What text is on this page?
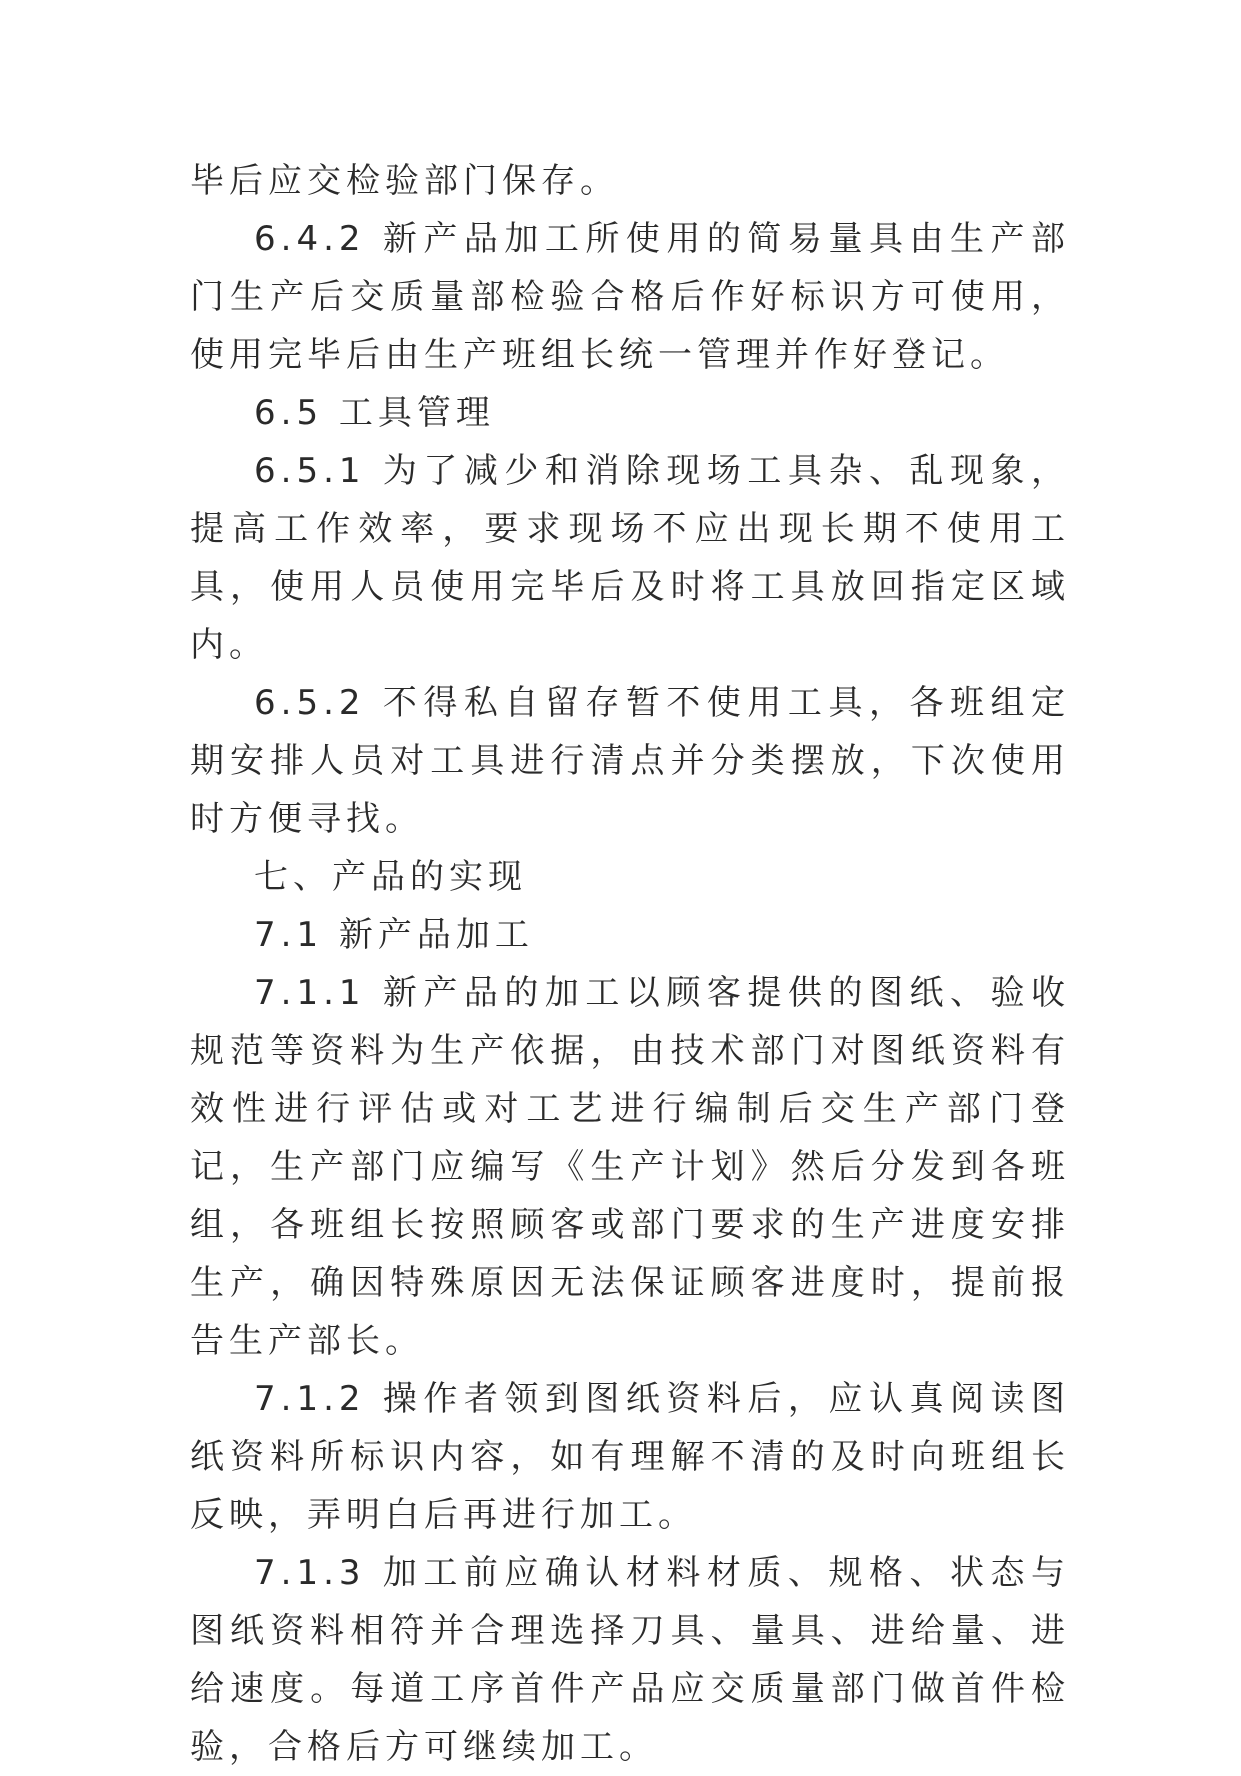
毕后应交检验部门保存。

6.4.2 新产品加工所使用的简易量具由生产部门生产后交质量部检验合格后作好标识方可使用，使用完毕后由生产班组长统一管理并作好登记。

6.5 工具管理

6.5.1 为了减少和消除现场工具杂、乱现象，提高工作效率，要求现场不应出现长期不使用工具，使用人员使用完毕后及时将工具放回指定区域内。

6.5.2 不得私自留存暂不使用工具，各班组定期安排人员对工具进行清点并分类摆放，下次使用时方便寻找。

七、产品的实现

7.1 新产品加工

7.1.1 新产品的加工以顾客提供的图纸、验收规范等资料为生产依据，由技术部门对图纸资料有效性进行评估或对工艺进行编制后交生产部门登记，生产部门应编写《生产计划》然后分发到各班组，各班组长按照顾客或部门要求的生产进度安排生产，确因特殊原因无法保证顾客进度时，提前报告生产部长。

7.1.2 操作者领到图纸资料后，应认真阅读图纸资料所标识内容，如有理解不清的及时向班组长反映，弄明白后再进行加工。

7.1.3 加工前应确认材料材质、规格、状态与图纸资料相符并合理选择刀具、量具、进给量、进给速度。每道工序首件产品应交质量部门做首件检验，合格后方可继续加工。
